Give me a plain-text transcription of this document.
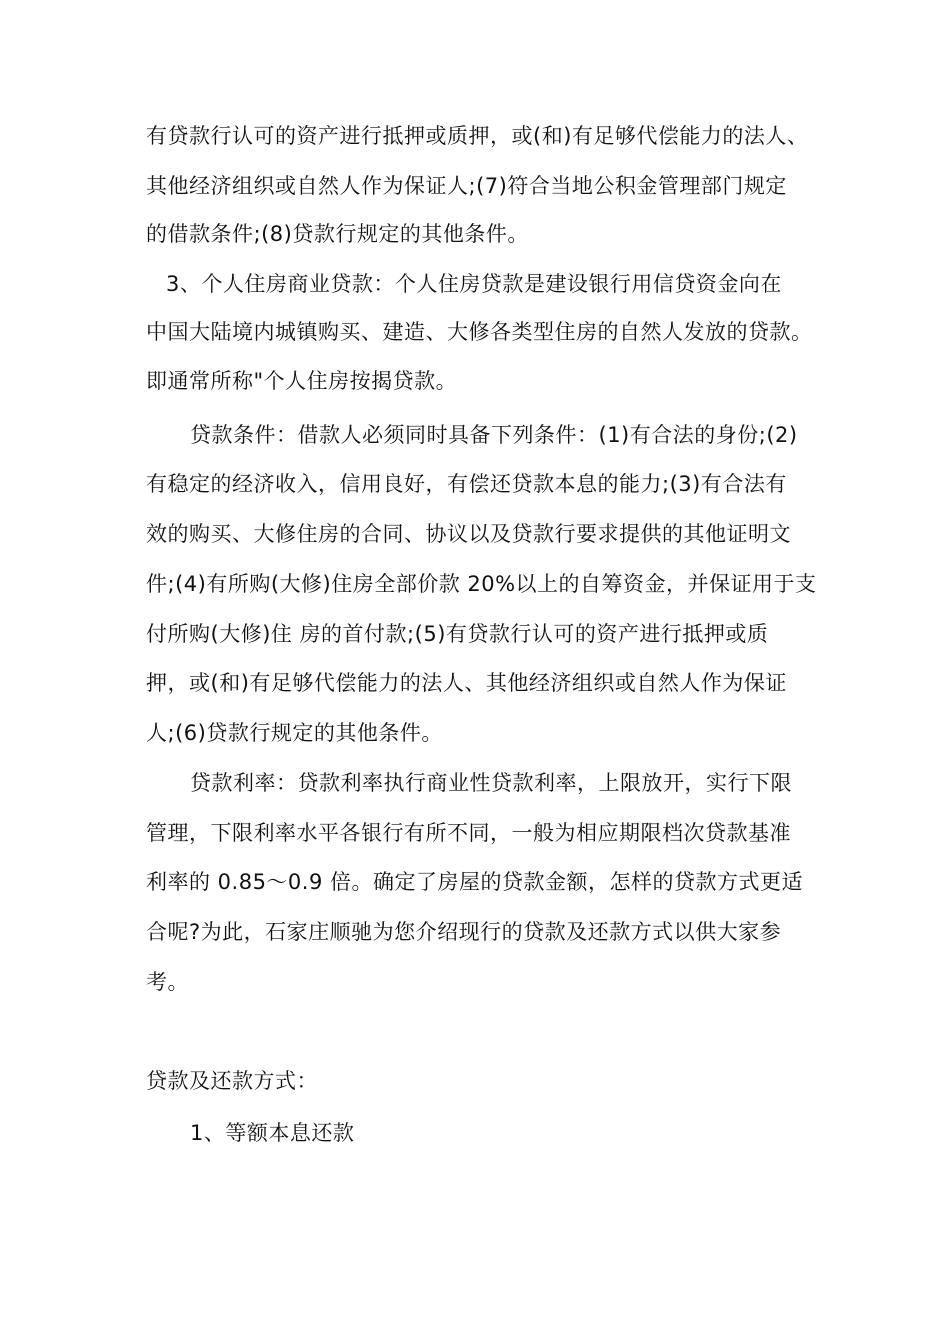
有贷款行认可的资产进行抵押或质押，或(和)有足够代偿能力的法人、
其他经济组织或自然人作为保证人;(7)符合当地公积金管理部门规定
的借款条件;(8)贷款行规定的其他条件。
3、个人住房商业贷款：个人住房贷款是建设银行用信贷资金向在
中国大陆境内城镇购买、建造、大修各类型住房的自然人发放的贷款。
即通常所称"个人住房按揭贷款。
贷款条件：借款人必须同时具备下列条件：(1)有合法的身份;(2)
有稳定的经济收入，信用良好，有偿还贷款本息的能力;(3)有合法有
效的购买、大修住房的合同、协议以及贷款行要求提供的其他证明文
件;(4)有所购(大修)住房全部价款 20%以上的自筹资金，并保证用于支
付所购(大修)住 房的首付款;(5)有贷款行认可的资产进行抵押或质
押，或(和)有足够代偿能力的法人、其他经济组织或自然人作为保证
人;(6)贷款行规定的其他条件。
贷款利率：贷款利率执行商业性贷款利率，上限放开，实行下限
管理，下限利率水平各银行有所不同，一般为相应期限档次贷款基准
利率的 0.85～0.9 倍。确定了房屋的贷款金额，怎样的贷款方式更适
合呢?为此，石家庄顺驰为您介绍现行的贷款及还款方式以供大家参
考。
贷款及还款方式：
1、等额本息还款
